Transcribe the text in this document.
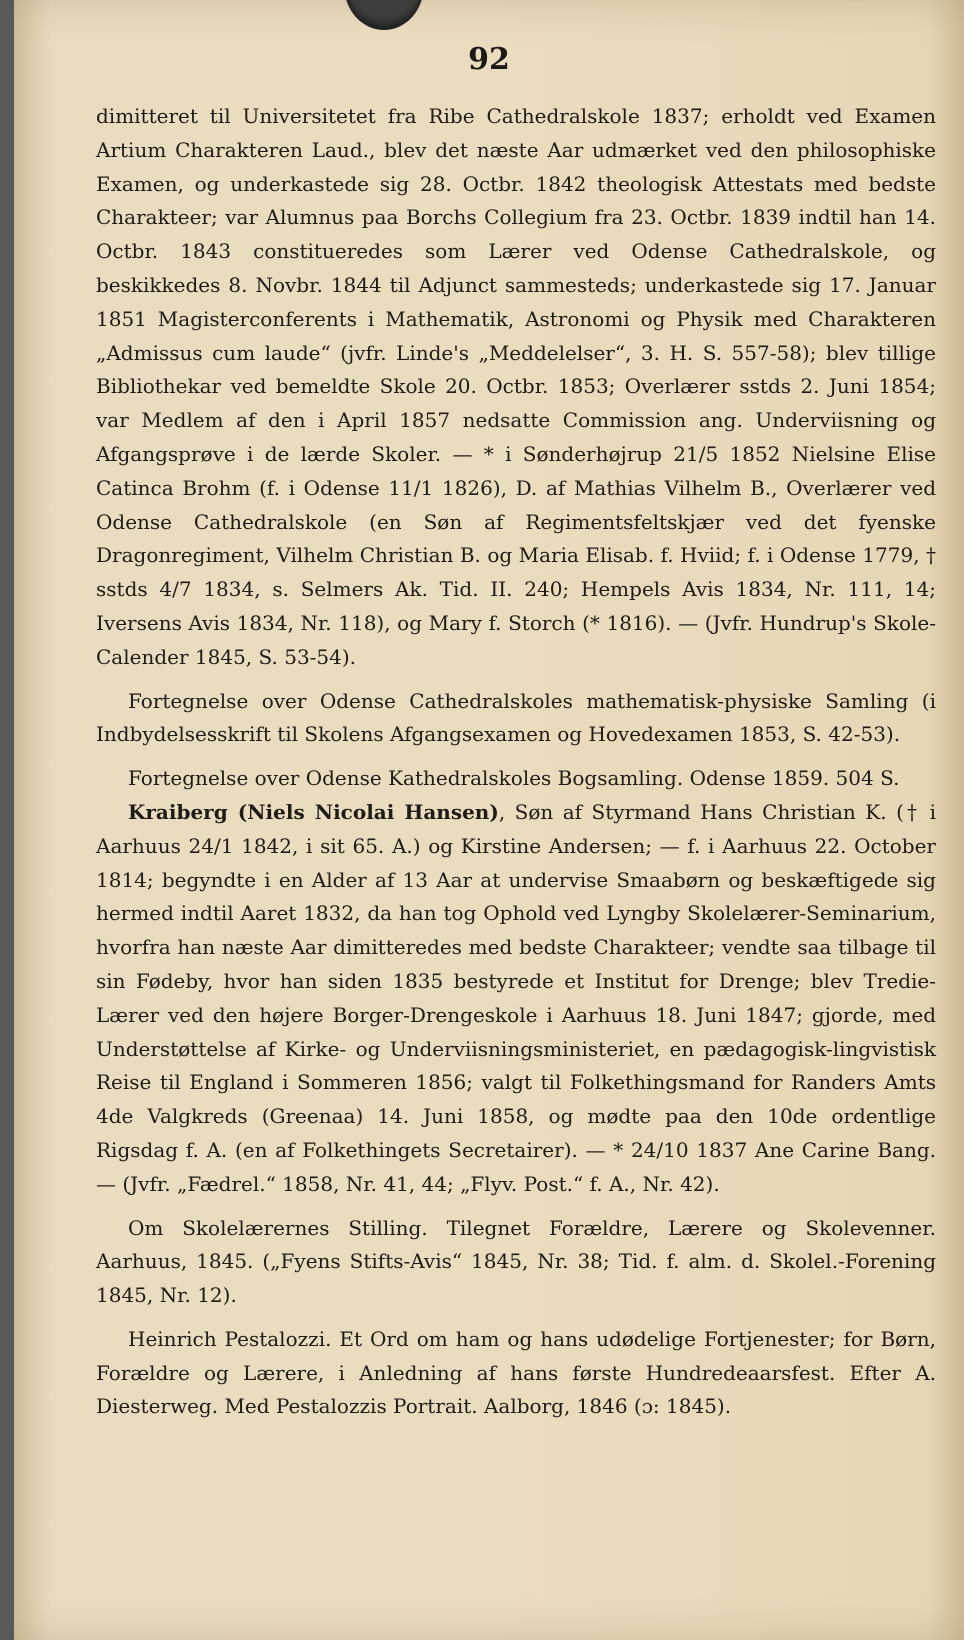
92

dimitteret til Universitetet fra Ribe Cathedralskole 1837; erholdt ved Examen Artium Charakteren Laud., blev det næste Aar udmærket ved den philosophiske Examen, og underkastede sig 28. Octbr. 1842 theologisk Attestats med bedste Charakteer; var Alumnus paa Borchs Collegium fra 23. Octbr. 1839 indtil han 14. Octbr. 1843 constitueredes som Lærer ved Odense Cathedralskole, og beskikkedes 8. Novbr. 1844 til Adjunct sammesteds; underkastede sig 17. Januar 1851 Magisterconferents i Mathematik, Astronomi og Physik med Charakteren „Admissus cum laude“ (jvfr. Linde's „Meddelelser“, 3. H. S. 557-58); blev tillige Bibliothekar ved bemeldte Skole 20. Octbr. 1853; Overlærer sstds 2. Juni 1854; var Medlem af den i April 1857 nedsatte Commission ang. Underviisning og Afgangsprøve i de lærde Skoler. — * i Sønderhøjrup 21/5 1852 Nielsine Elise Catinca Brohm (f. i Odense 11/1 1826), D. af Mathias Vilhelm B., Overlærer ved Odense Cathedralskole (en Søn af Regimentsfeltskjær ved det fyenske Dragonregiment, Vilhelm Christian B. og Maria Elisab. f. Hviid; f. i Odense 1779, † sstds 4/7 1834, s. Selmers Ak. Tid. II. 240; Hempels Avis 1834, Nr. 111, 14; Iversens Avis 1834, Nr. 118), og Mary f. Storch (* 1816). — (Jvfr. Hundrup's Skole-Calender 1845, S. 53-54).

Fortegnelse over Odense Cathedralskoles mathematisk-physiske Samling (i Indbydelsesskrift til Skolens Afgangsexamen og Hovedexamen 1853, S. 42-53).

Fortegnelse over Odense Kathedralskoles Bogsamling. Odense 1859. 504 S.

Kraiberg (Niels Nicolai Hansen), Søn af Styrmand Hans Christian K. († i Aarhuus 24/1 1842, i sit 65. A.) og Kirstine Andersen; — f. i Aarhuus 22. October 1814; begyndte i en Alder af 13 Aar at undervise Smaabørn og beskæftigede sig hermed indtil Aaret 1832, da han tog Ophold ved Lyngby Skolelærer-Seminarium, hvorfra han næste Aar dimitteredes med bedste Charakteer; vendte saa tilbage til sin Fødeby, hvor han siden 1835 bestyrede et Institut for Drenge; blev Tredie-Lærer ved den højere Borger-Drengeskole i Aarhuus 18. Juni 1847; gjorde, med Understøttelse af Kirke- og Underviisningsministeriet, en pædagogisk-lingvistisk Reise til England i Sommeren 1856; valgt til Folkethingsmand for Randers Amts 4de Valgkreds (Greenaa) 14. Juni 1858, og mødte paa den 10de ordentlige Rigsdag f. A. (en af Folkethingets Secretairer). — * 24/10 1837 Ane Carine Bang. — (Jvfr. „Fædrel.“ 1858, Nr. 41, 44; „Flyv. Post.“ f. A., Nr. 42).

Om Skolelærernes Stilling. Tilegnet Forældre, Lærere og Skolevenner. Aarhuus, 1845. („Fyens Stifts-Avis“ 1845, Nr. 38; Tid. f. alm. d. Skolel.-Forening 1845, Nr. 12).

Heinrich Pestalozzi. Et Ord om ham og hans udødelige Fortjenester; for Børn, Forældre og Lærere, i Anledning af hans første Hundredeaarsfest. Efter A. Diesterweg. Med Pestalozzis Portrait. Aalborg, 1846 (ɔ: 1845).
